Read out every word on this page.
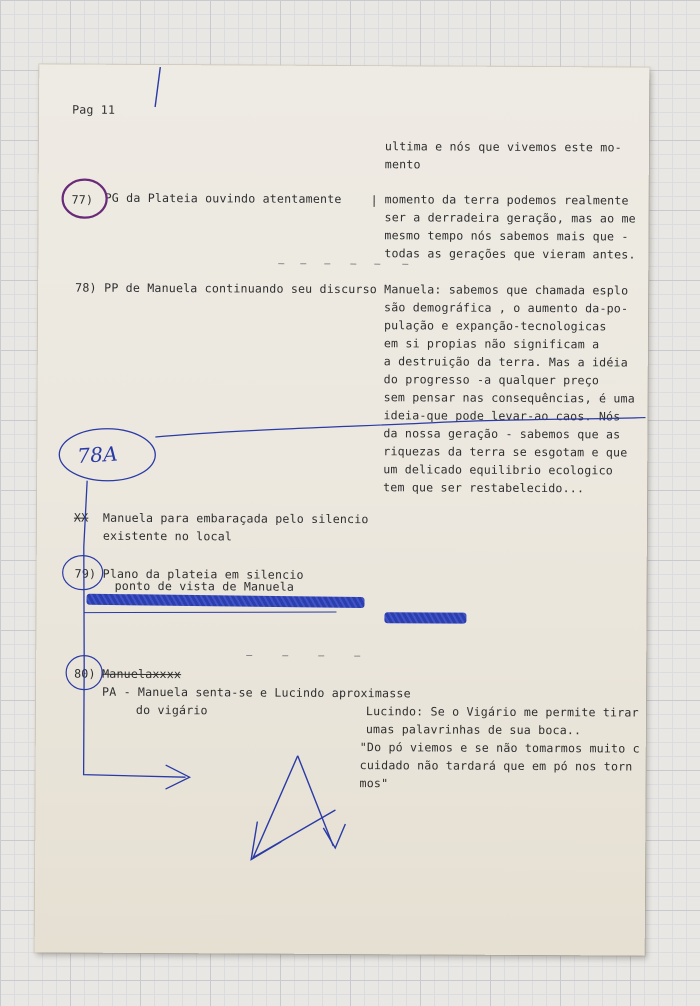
Pag 11
ultima e nós que vivemos este mo-
mento
77) PG da Plateia ouvindo atentamente | momento da terra podemos realmente
ser a derradeira geração, mas ao me
mesmo tempo nós sabemos mais que -
todas as gerações que vieram antes.
78) PP de Manuela continuando seu discurso Manuela: sabemos que chamada esplo
são demográfica , o aumento da-po-
pulação e expanção-tecnologicas
em si propias não significam a
a destruição da terra. Mas a idéia
do progresso -a qualquer preço
sem pensar nas consequências, é uma
ideia-que pode levar-ao caos. Nós
da nossa geração - sabemos que as
riquezas da terra se esgotam e que
um delicado equilibrio ecologico
tem que ser restabelecido...
78A
XX Manuela para embaraçada pelo silencio
existente no local
79) Plano da plateia em silencio
ponto de vista de Manuela
80) Manuelaxxxx
PA - Manuela senta-se e Lucindo aproximasse
do vigário	Lucindo: Se o Vigário me permite tirar
umas palavrinhas de sua boca..
"Do pó viemos e se não tomarmos muito c
cuidado não tardará que em pó nos torn
mos"
